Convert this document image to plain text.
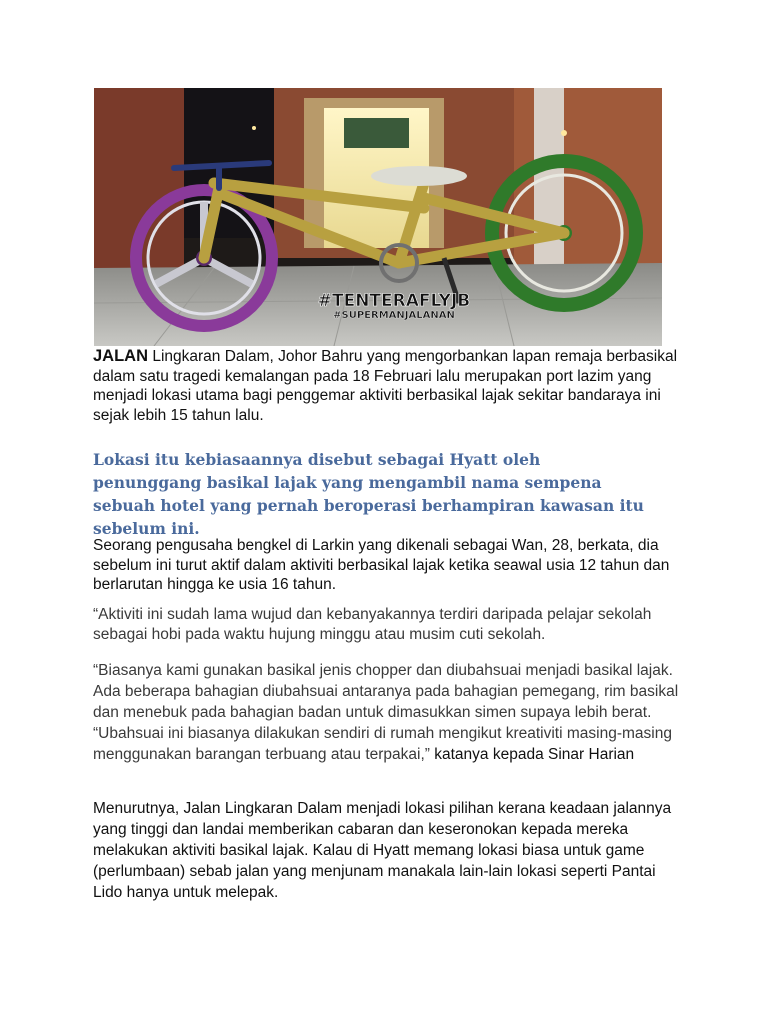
#TENTERAFLYJB
#SUPERMANJALANAN

JALAN Lingkaran Dalam, Johor Bahru yang mengorbankan lapan remaja berbasikal dalam satu tragedi kemalangan pada 18 Februari lalu merupakan port lazim yang menjadi lokasi utama bagi penggemar aktiviti berbasikal lajak sekitar bandaraya ini sejak lebih 15 tahun lalu.

Lokasi itu kebiasaannya disebut sebagai Hyatt oleh penunggang basikal lajak yang mengambil nama sempena sebuah hotel yang pernah beroperasi berhampiran kawasan itu sebelum ini.

Seorang pengusaha bengkel di Larkin yang dikenali sebagai Wan, 28, berkata, dia sebelum ini turut aktif dalam aktiviti berbasikal lajak ketika seawal usia 12 tahun dan berlarutan hingga ke usia 16 tahun.

“Aktiviti ini sudah lama wujud dan kebanyakannya terdiri daripada pelajar sekolah sebagai hobi pada waktu hujung minggu atau musim cuti sekolah.

“Biasanya kami gunakan basikal jenis chopper dan diubahsuai menjadi basikal lajak. Ada beberapa bahagian diubahsuai antaranya pada bahagian pemegang, rim basikal dan menebuk pada bahagian badan untuk dimasukkan simen supaya lebih berat. “Ubahsuai ini biasanya dilakukan sendiri di rumah mengikut kreativiti masing-masing menggunakan barangan terbuang atau terpakai,” katanya kepada Sinar Harian

Menurutnya, Jalan Lingkaran Dalam menjadi lokasi pilihan kerana keadaan jalannya yang tinggi dan landai memberikan cabaran dan keseronokan kepada mereka melakukan aktiviti basikal lajak. Kalau di Hyatt memang lokasi biasa untuk game (perlumbaan) sebab jalan yang menjunam manakala lain-lain lokasi seperti Pantai Lido hanya untuk melepak.
